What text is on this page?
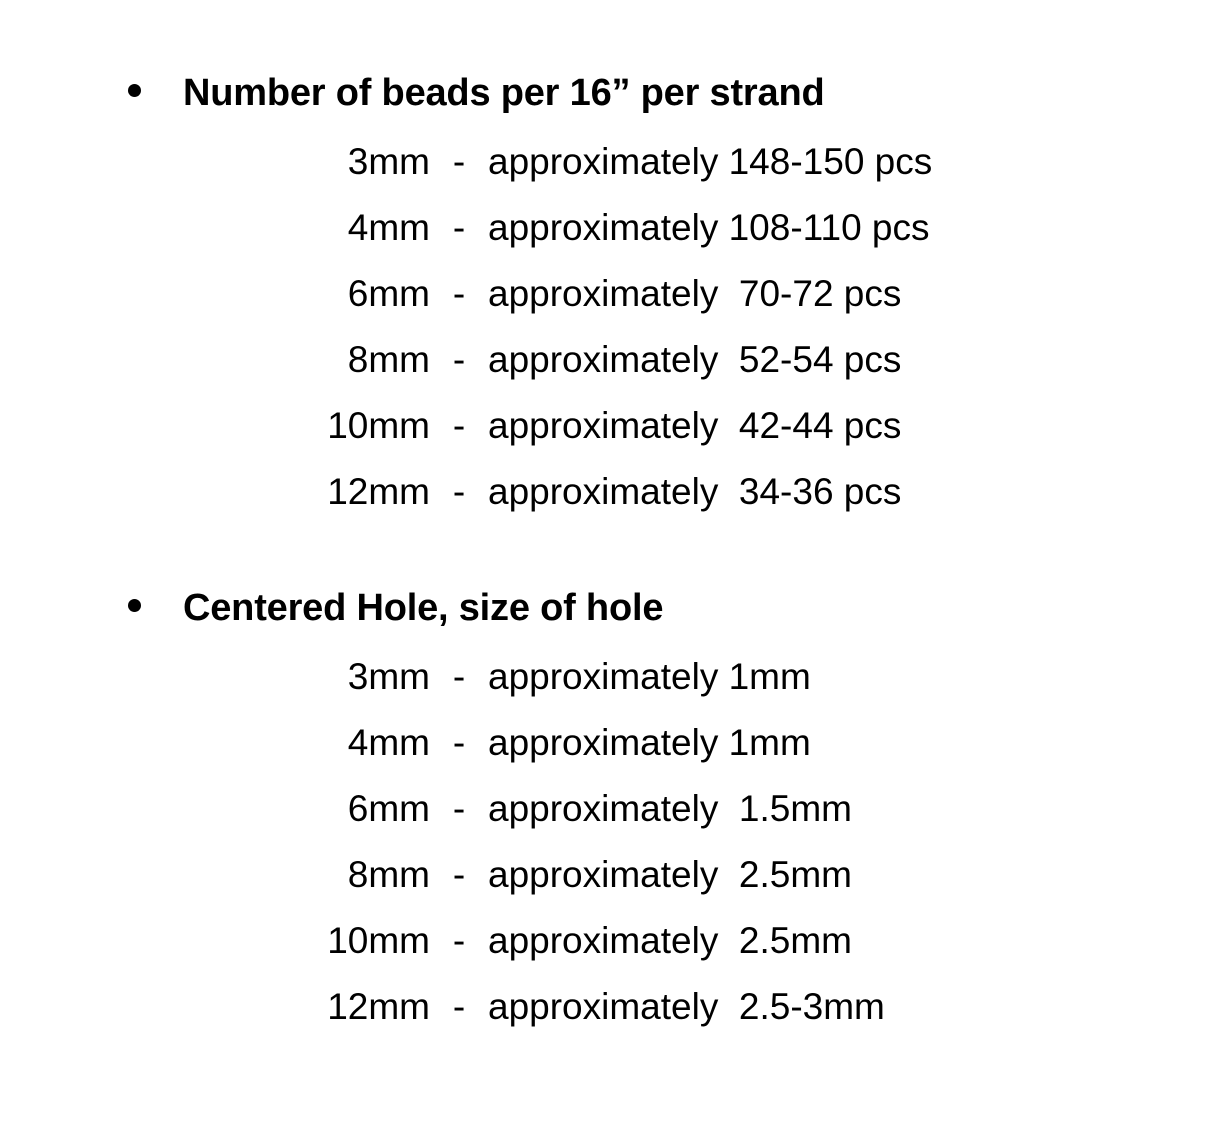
Number of beads per 16” per strand
3mm - approximately 148-150 pcs
4mm - approximately 108-110 pcs
6mm - approximately  70-72 pcs
8mm - approximately  52-54 pcs
10mm - approximately  42-44 pcs
12mm - approximately  34-36 pcs
Centered Hole, size of hole
3mm - approximately 1mm
4mm - approximately 1mm
6mm - approximately  1.5mm
8mm - approximately  2.5mm
10mm - approximately  2.5mm
12mm - approximately  2.5-3mm
